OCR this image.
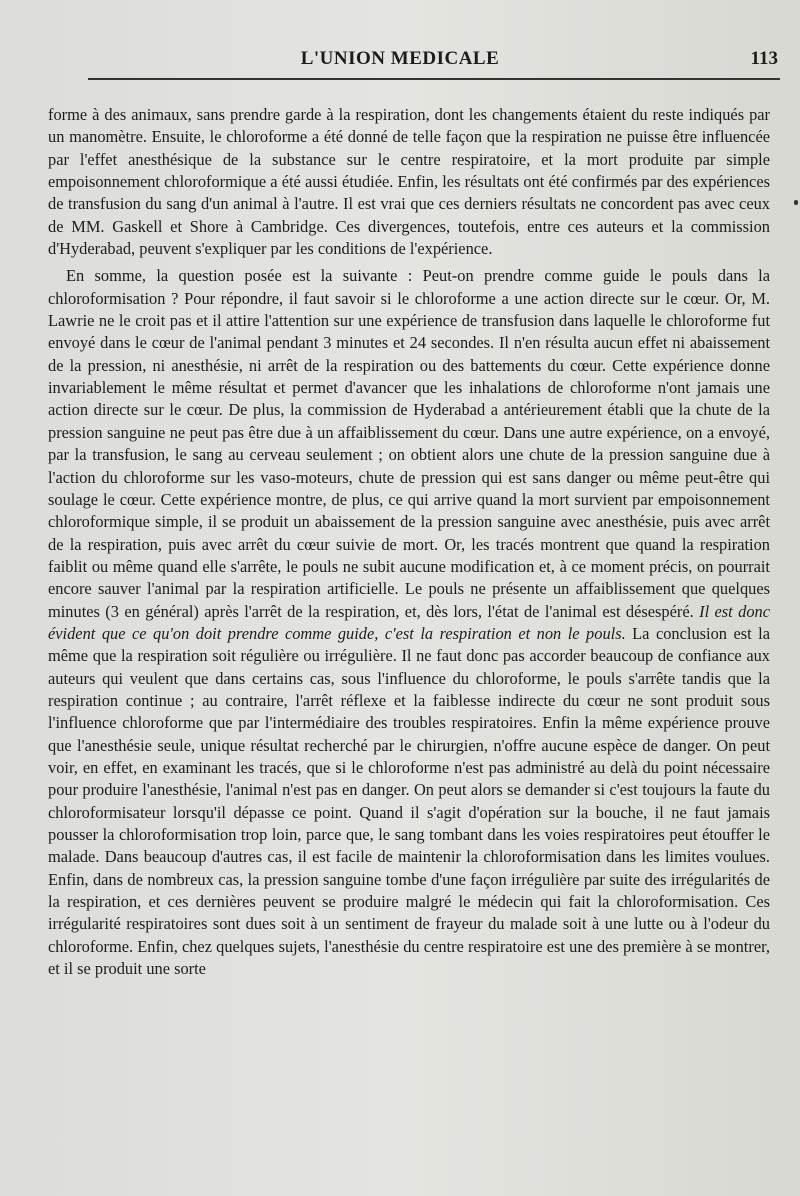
L'UNION MEDICALE	113

forme à des animaux, sans prendre garde à la respiration, dont les changements étaient du reste indiqués par un manomètre. Ensuite, le chloroforme a été donné de telle façon que la respiration ne puisse être influencée par l'effet anesthésique de la substance sur le centre respiratoire, et la mort produite par simple empoisonnement chloroformique a été aussi étudiée. Enfin, les résultats ont été confirmés par des expériences de transfusion du sang d'un animal à l'autre. Il est vrai que ces derniers résultats ne concordent pas avec ceux de MM. Gaskell et Shore à Cambridge. Ces divergences, toutefois, entre ces auteurs et la commission d'Hyderabad, peuvent s'expliquer par les conditions de l'expérience.

En somme, la question posée est la suivante : Peut-on prendre comme guide le pouls dans la chloroformisation ? Pour répondre, il faut savoir si le chloroforme a une action directe sur le cœur. Or, M. Lawrie ne le croit pas et il attire l'attention sur une expérience de transfusion dans laquelle le chloroforme fut envoyé dans le cœur de l'animal pendant 3 minutes et 24 secondes. Il n'en résulta aucun effet ni abaissement de la pression, ni anesthésie, ni arrêt de la respiration ou des battements du cœur. Cette expérience donne invariablement le même résultat et permet d'avancer que les inhalations de chloroforme n'ont jamais une action directe sur le cœur. De plus, la commission de Hyderabad a antérieurement établi que la chute de la pression sanguine ne peut pas être due à un affaiblissement du cœur. Dans une autre expérience, on a envoyé, par la transfusion, le sang au cerveau seulement ; on obtient alors une chute de la pression sanguine due à l'action du chloroforme sur les vaso-moteurs, chute de pression qui est sans danger ou même peut-être qui soulage le cœur. Cette expérience montre, de plus, ce qui arrive quand la mort survient par empoisonnement chloroformique simple, il se produit un abaissement de la pression sanguine avec anesthésie, puis avec arrêt de la respiration, puis avec arrêt du cœur suivie de mort. Or, les tracés montrent que quand la respiration faiblit ou même quand elle s'arrête, le pouls ne subit aucune modification et, à ce moment précis, on pourrait encore sauver l'animal par la respiration artificielle. Le pouls ne présente un affaiblissement que quelques minutes (3 en général) après l'arrêt de la respiration, et, dès lors, l'état de l'animal est désespéré. Il est donc évident que ce qu'on doit prendre comme guide, c'est la respiration et non le pouls. La conclusion est la même que la respiration soit régulière ou irrégulière. Il ne faut donc pas accorder beaucoup de confiance aux auteurs qui veulent que dans certains cas, sous l'influence du chloroforme, le pouls s'arrête tandis que la respiration continue ; au contraire, l'arrêt réflexe et la faiblesse indirecte du cœur ne sont produit sous l'influence chloroforme que par l'intermédiaire des troubles respiratoires. Enfin la même expérience prouve que l'anesthésie seule, unique résultat recherché par le chirurgien, n'offre aucune espèce de danger. On peut voir, en effet, en examinant les tracés, que si le chloroforme n'est pas administré au delà du point nécessaire pour produire l'anesthésie, l'animal n'est pas en danger. On peut alors se demander si c'est toujours la faute du chloroformisateur lorsqu'il dépasse ce point. Quand il s'agit d'opération sur la bouche, il ne faut jamais pousser la chloroformisation trop loin, parce que, le sang tombant dans les voies respiratoires peut étouffer le malade. Dans beaucoup d'autres cas, il est facile de maintenir la chloroformisation dans les limites voulues. Enfin, dans de nombreux cas, la pression sanguine tombe d'une façon irrégulière par suite des irrégularités de la respiration, et ces dernières peuvent se produire malgré le médecin qui fait la chloroformisation. Ces irrégularité respiratoires sont dues soit à un sentiment de frayeur du malade soit à une lutte ou à l'odeur du chloroforme. Enfin, chez quelques sujets, l'anesthésie du centre respiratoire est une des première à se montrer, et il se produit une sorte
